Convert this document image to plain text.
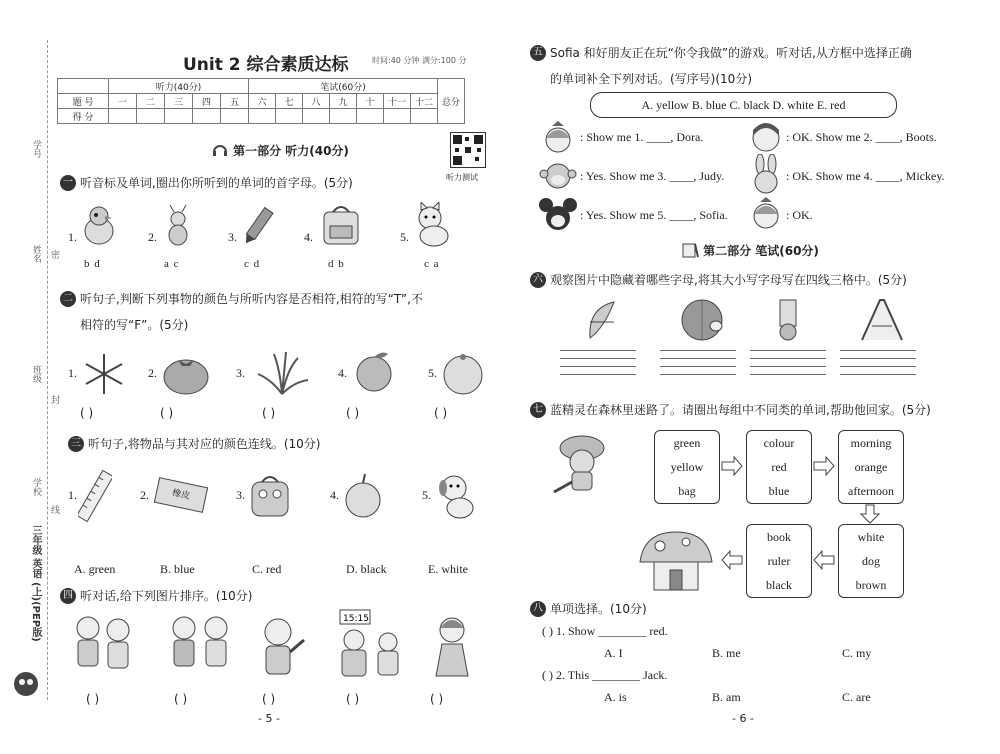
学号
姓名
班级
学校
线
封
密
三年级 英语 (上)(PEP版)
Unit 2 综合素质达标	时间:40 分钟 满分:100 分
	听力(40分)					笔试(60分)							总分
题 号	一	二	三	四	五	六	七	八	九	十	十一	十二	
得 分													
听力测试
第一部分 听力(40分)
一 听音标及单词,圈出你所听到的单词的首字母。(5分)
1.
b d
2.
a c
3.
c d
4.
d b
5.
c a
二 听句子,判断下列事物的颜色与所听内容是否相符,相符的写“T”,不
相符的写“F”。(5分)
1.
( )
2.
( )
3.
( )
4.
( )
5.
( )
三 听句子,将物品与其对应的颜色连线。(10分)
1.	2.	橡皮	3.	4.	5.
A. green	B. blue	C. red	D. black	E. white
四 听对话,给下列图片排序。(10分)
( )	( )	( )
15:15
( )	( )
- 5 -
五 Sofia 和好朋友正在玩“你令我做”的游戏。听对话,从方框中选择正确
的单词补全下列对话。(写序号)(10分)
A. yellow B. blue C. black D. white E. red
: Show me 1. ____, Dora.	: OK. Show me 2. ____, Boots.
: Yes. Show me 3. ____, Judy.	: OK. Show me 4. ____, Mickey.
: Yes. Show me 5. ____, Sofia.	: OK.
第二部分 笔试(60分)
六 观察图片中隐藏着哪些字母,将其大小写字母写在四线三格中。(5分)
七 蓝精灵在森林里迷路了。请圈出每组中不同类的单词,帮助他回家。(5分)
green
yellow
bag
colour
red
blue
morning
orange
afternoon
white
dog
brown
book
ruler
black
八 单项选择。(10分)
( ) 1. Show ________ red.
A. I	B. me	C. my
( ) 2. This ________ Jack.
A. is	B. am	C. are
- 6 -
